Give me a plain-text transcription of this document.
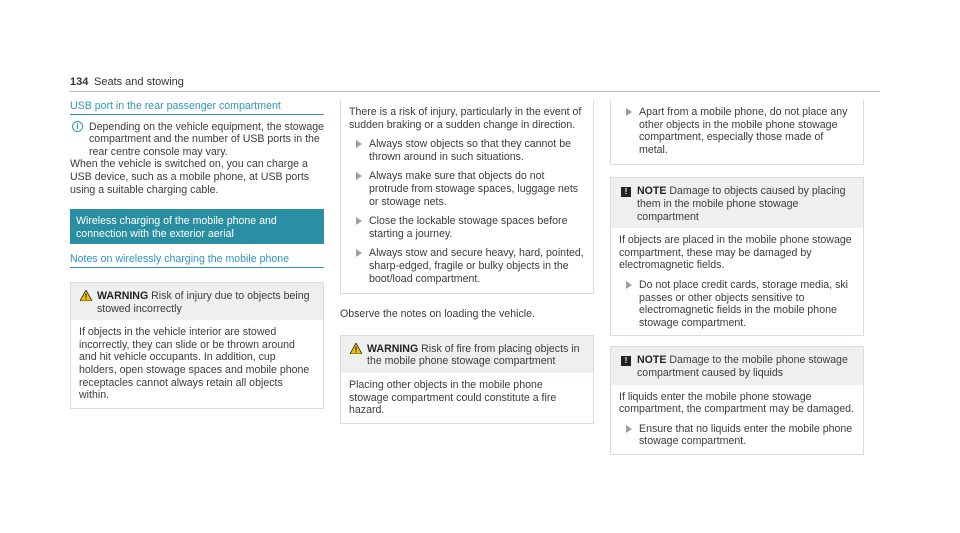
134 Seats and stowing
USB port in the rear passenger compartment
i Depending on the vehicle equipment, the stowage compartment and the number of USB ports in the rear centre console may vary.

When the vehicle is switched on, you can charge a USB device, such as a mobile phone, at USB ports using a suitable charging cable.

Wireless charging of the mobile phone and connection with the exterior aerial
Notes on wirelessly charging the mobile phone
WARNING Risk of injury due to objects being stowed incorrectly
If objects in the vehicle interior are stowed incorrectly, they can slide or be thrown around and hit vehicle occupants. In addition, cup holders, open stowage spaces and mobile phone receptacles cannot always retain all objects within.
There is a risk of injury, particularly in the event of sudden braking or a sudden change in direction.
Always stow objects so that they cannot be thrown around in such situations.
Always make sure that objects do not protrude from stowage spaces, luggage nets or stowage nets.
Close the lockable stowage spaces before starting a journey.
Always stow and secure heavy, hard, pointed, sharp-edged, fragile or bulky objects in the boot/load compartment.

Observe the notes on loading the vehicle.

WARNING Risk of fire from placing objects in the mobile phone stowage compartment
Placing other objects in the mobile phone stowage compartment could constitute a fire hazard.
Apart from a mobile phone, do not place any other objects in the mobile phone stowage compartment, especially those made of metal.
! NOTE Damage to objects caused by placing them in the mobile phone stowage compartment

If objects are placed in the mobile phone stowage compartment, these may be damaged by electromagnetic fields.

Do not place credit cards, storage media, ski passes or other objects sensitive to electromagnetic fields in the mobile phone stowage compartment.
! NOTE Damage to the mobile phone stowage compartment caused by liquids

If liquids enter the mobile phone stowage compartment, the compartment may be damaged.

Ensure that no liquids enter the mobile phone stowage compartment.
